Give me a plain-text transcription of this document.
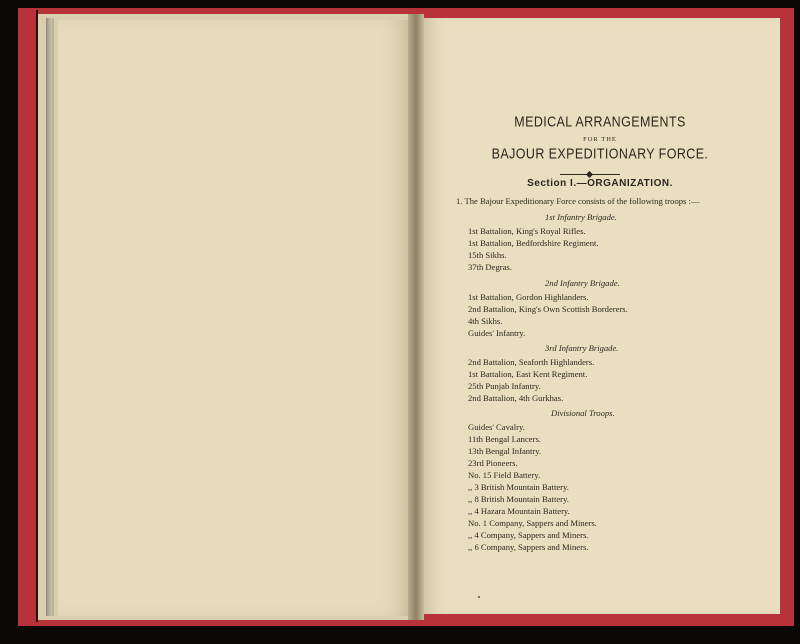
MEDICAL ARRANGEMENTS
FOR THE
BAJOUR EXPEDITIONARY FORCE.
Section I.—ORGANIZATION.
1. The Bajour Expeditionary Force consists of the following troops :—
1st Infantry Brigade.
1st Battalion, King's Royal Rifles.
1st Battalion, Bedfordshire Regiment.
15th Sikhs.
37th Degras.
2nd Infantry Brigade.
1st Battalion, Gordon Highlanders.
2nd Battalion, King's Own Scottish Borderers.
4th Sikhs.
Guides' Infantry.
3rd Infantry Brigade.
2nd Battalion, Seaforth Highlanders.
1st Battalion, East Kent Regiment.
25th Punjab Infantry.
2nd Battalion, 4th Gurkhas.
Divisional Troops.
Guides' Cavalry.
11th Bengal Lancers.
13th Bengal Infantry.
23rd Pioneers.
No. 15 Field Battery.
,, 3 British Mountain Battery.
,, 8 British Mountain Battery.
,, 4 Hazara Mountain Battery.
No. 1 Company, Sappers and Miners.
,, 4 Company, Sappers and Miners.
,, 6 Company, Sappers and Miners.
